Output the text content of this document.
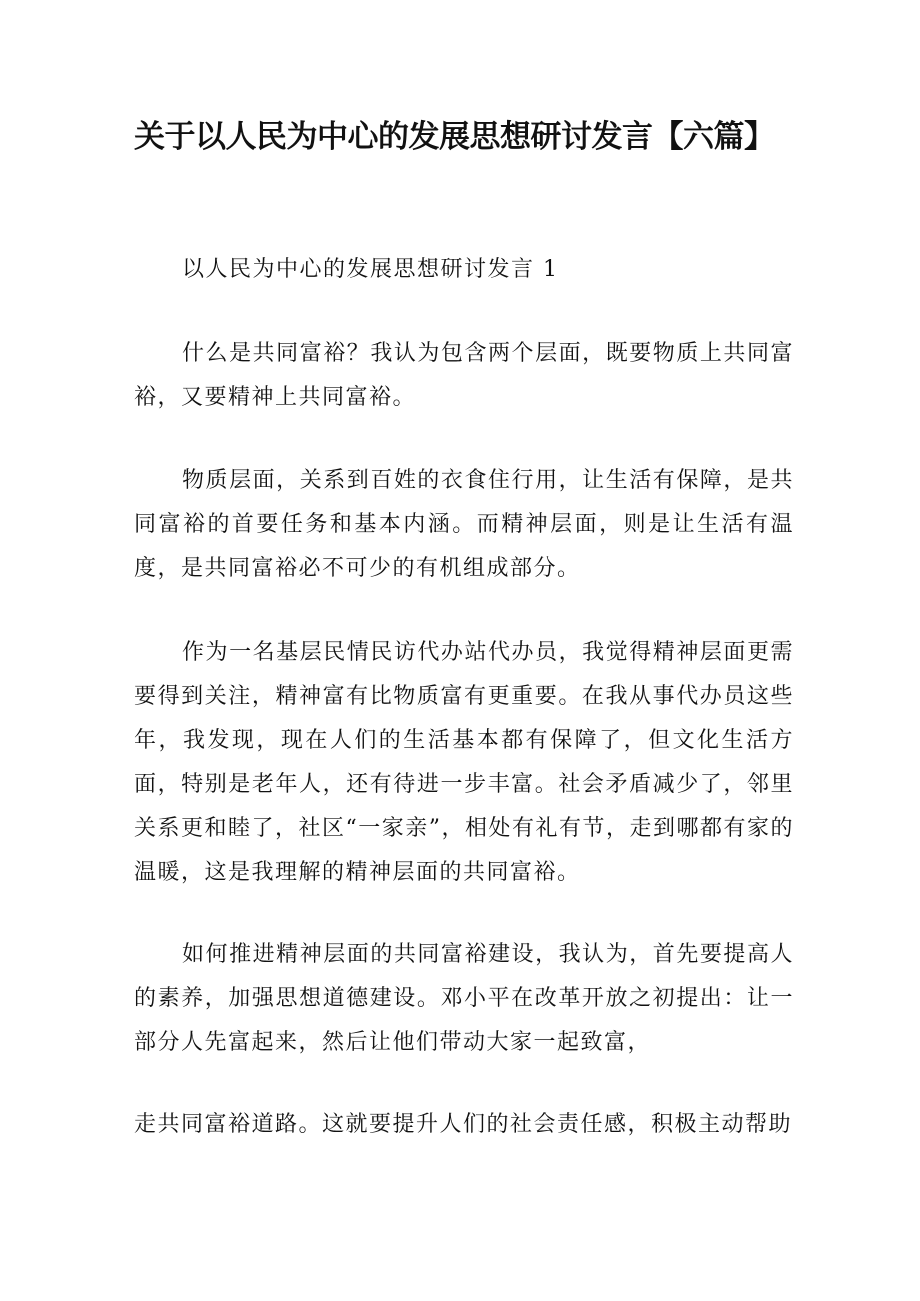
关于以人民为中心的发展思想研讨发言【六篇】

以人民为中心的发展思想研讨发言 1

什么是共同富裕？我认为包含两个层面，既要物质上共同富裕，又要精神上共同富裕。

物质层面，关系到百姓的衣食住行用，让生活有保障，是共同富裕的首要任务和基本内涵。而精神层面，则是让生活有温度，是共同富裕必不可少的有机组成部分。

作为一名基层民情民访代办站代办员，我觉得精神层面更需要得到关注，精神富有比物质富有更重要。在我从事代办员这些年，我发现，现在人们的生活基本都有保障了，但文化生活方面，特别是老年人，还有待进一步丰富。社会矛盾减少了，邻里关系更和睦了，社区“一家亲”，相处有礼有节，走到哪都有家的温暖，这是我理解的精神层面的共同富裕。

如何推进精神层面的共同富裕建设，我认为，首先要提高人的素养，加强思想道德建设。邓小平在改革开放之初提出：让一部分人先富起来，然后让他们带动大家一起致富，

走共同富裕道路。这就要提升人们的社会责任感，积极主动帮助
